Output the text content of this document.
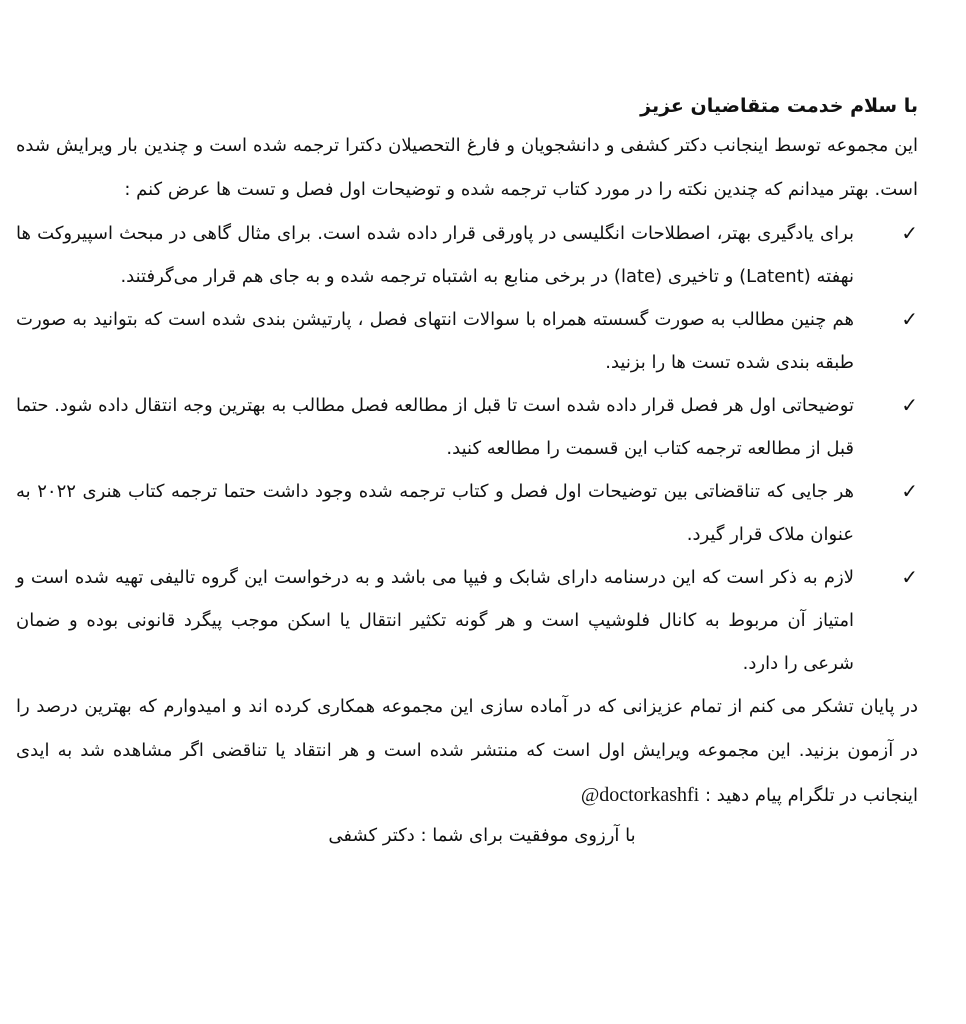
با سلام خدمت متقاضیان عزیز

این مجموعه توسط اینجانب دکتر کشفی و دانشجویان و فارغ التحصیلان دکترا ترجمه شده است و چندین بار ویرایش شده است. بهتر میدانم که چندین نکته را در مورد کتاب ترجمه شده و توضیحات اول فصل و تست ها عرض کنم :

✓
برای یادگیری بهتر، اصطلاحات انگلیسی در پاورقی قرار داده شده است. برای مثال گاهی در مبحث اسپیروکت ها نهفته (Latent) و تاخیری (late) در برخی منابع به اشتباه ترجمه شده و به جای هم قرار می‌گرفتند.
✓
هم چنین مطالب به صورت گسسته همراه با سوالات انتهای فصل ، پارتیشن بندی شده است که بتوانید به صورت طبقه بندی شده تست ها را بزنید.
✓
توضیحاتی اول هر فصل قرار داده شده است تا قبل از مطالعه فصل مطالب به بهترین وجه انتقال داده شود. حتما قبل از مطالعه ترجمه کتاب این قسمت را مطالعه کنید.
✓
هر جایی که تناقضاتی بین توضیحات اول فصل و کتاب ترجمه شده وجود داشت حتما ترجمه کتاب هنری ۲۰۲۲ به عنوان ملاک قرار گیرد.
✓
لازم به ذکر است که این درسنامه دارای شابک و فیپا می باشد و به درخواست این گروه تالیفی تهیه شده است و امتیاز آن مربوط به کانال فلوشیپ است و هر گونه تکثیر انتقال یا اسکن موجب پیگرد قانونی بوده و ضمان شرعی را دارد.

در پایان تشکر می کنم از تمام عزیزانی که در آماده سازی این مجموعه همکاری کرده اند و امیدوارم که بهترین درصد را در آزمون بزنید. این مجموعه ویرایش اول است که منتشر شده است و هر انتقاد یا تناقضی اگر مشاهده شد به ایدی اینجانب در تلگرام پیام دهید : @doctorkashfi

با آرزوی موفقیت برای شما : دکتر کشفی
